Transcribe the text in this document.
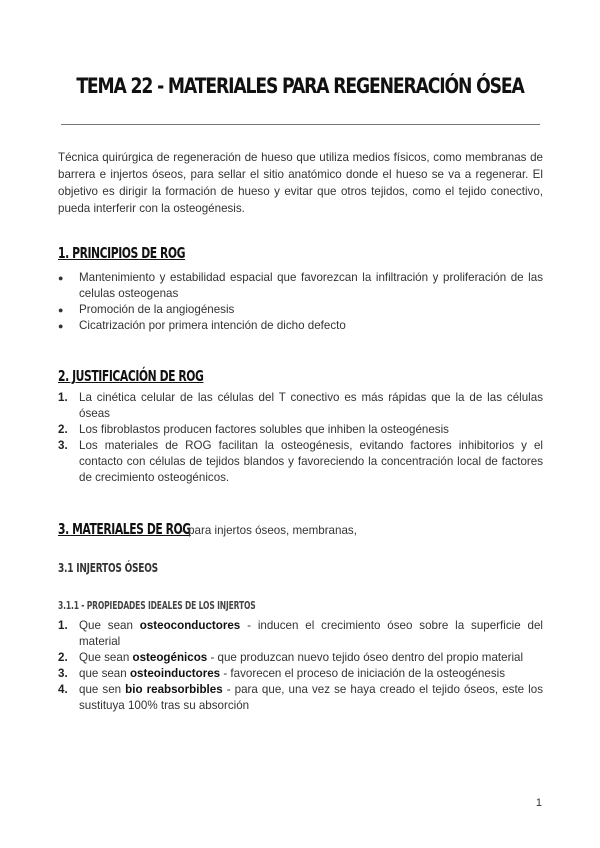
TEMA 22 - MATERIALES PARA REGENERACIÓN ÓSEA

Técnica quirúrgica de regeneración de hueso que utiliza medios físicos, como membranas de barrera e injertos óseos, para sellar el sitio anatómico donde el hueso se va a regenerar. El objetivo es dirigir la formación de hueso y evitar que otros tejidos, como el tejido conectivo, pueda interferir con la osteogénesis.

1. PRINCIPIOS DE ROG
● Mantenimiento y estabilidad espacial que favorezcan la infiltración y proliferación de las celulas osteogenas
● Promoción de la angiogénesis
● Cicatrización por primera intención de dicho defecto
2. JUSTIFICACIÓN DE ROG
1. La cinética celular de las células del T conectivo es más rápidas que la de las células óseas
2. Los fibroblastos producen factores solubles que inhiben la osteogénesis
3. Los materiales de ROG facilitan la osteogénesis, evitando factores inhibitorios y el contacto con células de tejidos blandos y favoreciendo la concentración local de factores de crecimiento osteogénicos.
3. MATERIALES DE ROG
- para injertos óseos, membranas,
3.1 INJERTOS ÓSEOS
3.1.1 - PROPIEDADES IDEALES DE LOS INJERTOS
1. Que sean osteoconductores - inducen el crecimiento óseo sobre la superficie del material
2. Que sean osteogénicos - que produzcan nuevo tejido óseo dentro del propio material
3. que sean osteoinductores - favorecen el proceso de iniciación de la osteogénesis
4. que sen bio reabsorbibles - para que, una vez se haya creado el tejido óseos, este los sustituya 100% tras su absorción
1
